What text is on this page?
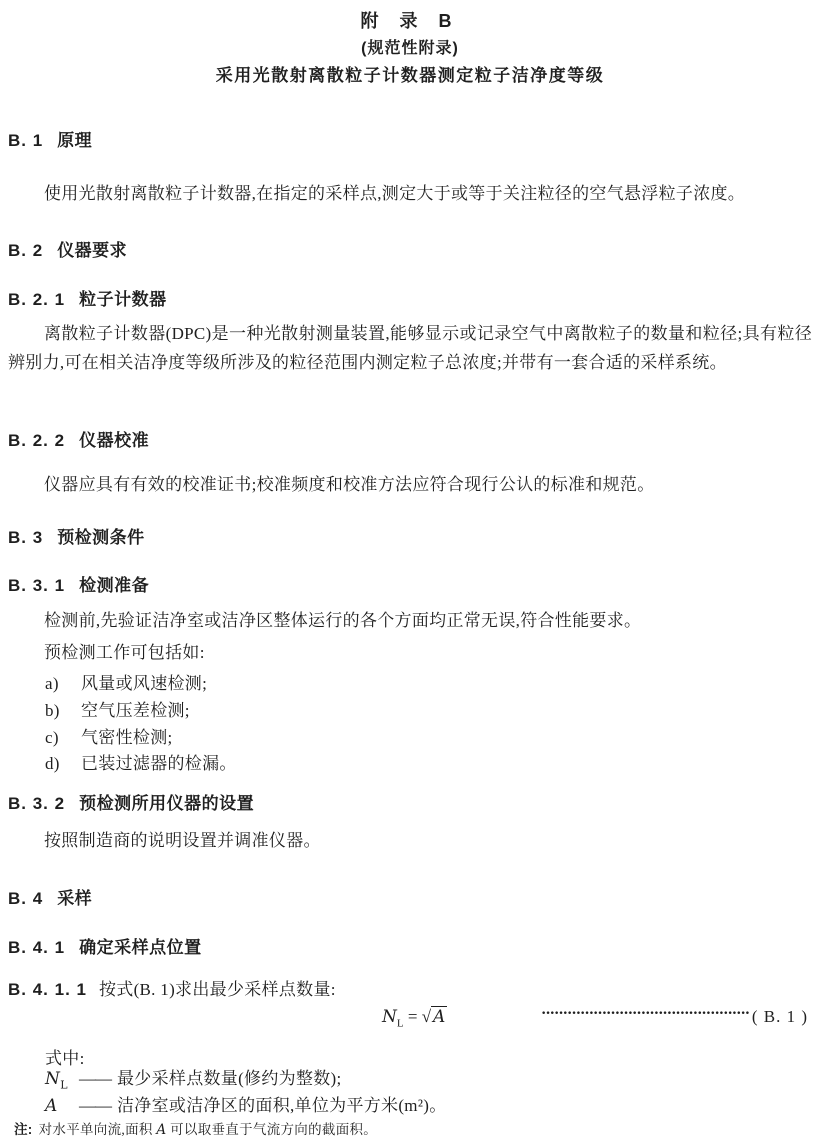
附 录 B
(规范性附录)
采用光散射离散粒子计数器测定粒子洁净度等级
B. 1 原理
使用光散射离散粒子计数器,在指定的采样点,测定大于或等于关注粒径的空气悬浮粒子浓度。
B. 2 仪器要求
B. 2. 1 粒子计数器
离散粒子计数器(DPC)是一种光散射测量装置,能够显示或记录空气中离散粒子的数量和粒径;具有粒径辨别力,可在相关洁净度等级所涉及的粒径范围内测定粒子总浓度;并带有一套合适的采样系统。
B. 2. 2 仪器校准
仪器应具有有效的校准证书;校准频度和校准方法应符合现行公认的标准和规范。
B. 3 预检测条件
B. 3. 1 检测准备
检测前,先验证洁净室或洁净区整体运行的各个方面均正常无误,符合性能要求。
预检测工作可包括如:
a) 风量或风速检测;
b) 空气压差检测;
c) 气密性检测;
d) 已装过滤器的检漏。
B. 3. 2 预检测所用仪器的设置
按照制造商的说明设置并调准仪器。
B. 4 采样
B. 4. 1 确定采样点位置
B. 4. 1. 1 按式(B. 1)求出最少采样点数量:
$N_L$ = √ A	················································ ( B. 1 )
式中:
$N_L$ —— 最少采样点数量(修约为整数);
A —— 洁净室或洁净区的面积,单位为平方米(m²)。
注: 对水平单向流,面积 A 可以取垂直于气流方向的截面积。
